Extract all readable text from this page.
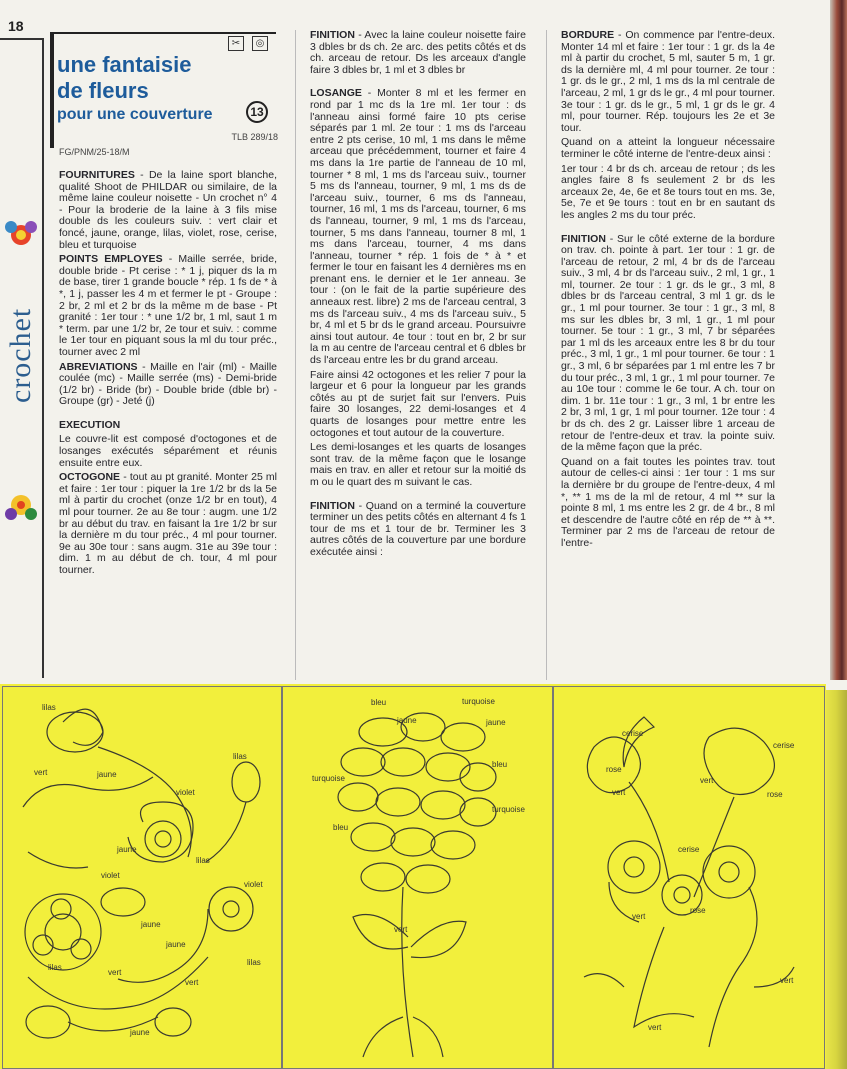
18
crochet
✂	◎
une fantaisie
de fleurs
pour une couverture	13
TLB 289/18
FG/PNM/25-18/M

FOURNITURES - De la laine sport blanche, qualité Shoot de PHILDAR ou similaire, de la même laine couleur noisette - Un crochet n° 4 - Pour la broderie de la laine à 3 fils mise double ds les couleurs suiv. : vert clair et foncé, jaune, orange, lilas, violet, rose, cerise, bleu et turquoise

POINTS EMPLOYES - Maille serrée, bride, double bride - Pt cerise : * 1 j, piquer ds la m de base, tirer 1 grande boucle * rép. 1 fs de * à *, 1 j, passer les 4 m et fermer le pt - Groupe : 2 br, 2 ml et 2 br ds la même m de base - Pt granité : 1er tour : * une 1/2 br, 1 ml, saut 1 m * term. par une 1/2 br, 2e tour et suiv. : comme le 1er tour en piquant sous la ml du tour préc., tourner avec 2 ml

ABREVIATIONS - Maille en l'air (ml) - Maille coulée (mc) - Maille serrée (ms) - Demi-bride (1/2 br) - Bride (br) - Double bride (dble br) - Groupe (gr) - Jeté (j)

EXECUTION

Le couvre-lit est composé d'octogones et de losanges exécutés séparément et réunis ensuite entre eux.

OCTOGONE - tout au pt granité. Monter 25 ml et faire : 1er tour : piquer la 1re 1/2 br ds la 5e ml à partir du crochet (onze 1/2 br en tout), 4 ml pour tourner. 2e au 8e tour : augm. une 1/2 br au début du trav. en faisant la 1re 1/2 br sur la dernière m du tour préc., 4 ml pour tourner. 9e au 30e tour : sans augm. 31e au 39e tour : dim. 1 m au début de ch. tour, 4 ml pour tourner.

FINITION - Avec la laine couleur noisette faire 3 dbles br ds ch. 2e arc. des petits côtés et ds ch. arceau de retour. Ds les arceaux d'angle faire 3 dbles br, 1 ml et 3 dbles br

LOSANGE - Monter 8 ml et les fermer en rond par 1 mc ds la 1re ml. 1er tour : ds l'anneau ainsi formé faire 10 pts cerise séparés par 1 ml. 2e tour : 1 ms ds l'arceau entre 2 pts cerise, 10 ml, 1 ms dans le même arceau que précédemment, tourner et faire 4 ms dans la 1re partie de l'anneau de 10 ml, tourner * 8 ml, 1 ms ds l'arceau suiv., tourner 5 ms ds l'anneau, tourner, 9 ml, 1 ms ds de l'arceau suiv., tourner, 6 ms ds l'anneau, tourner, 16 ml, 1 ms ds l'arceau, tourner, 6 ms ds l'anneau, tourner, 9 ml, 1 ms ds l'arceau, tourner, 5 ms dans l'anneau, tourner 8 ml, 1 ms dans l'arceau, tourner, 4 ms dans l'anneau, tourner * rép. 1 fois de * à * et fermer le tour en faisant les 4 dernières ms en prenant ens. le dernier et le 1er anneau. 3e tour : (on le fait de la partie supérieure des anneaux rest. libre) 2 ms de l'arceau central, 3 ms ds l'arceau suiv., 4 ms ds l'arceau suiv., 5 br, 4 ml et 5 br ds le grand arceau. Poursuivre ainsi tout autour. 4e tour : tout en br, 2 br sur la m au centre de l'arceau central et 6 dbles br ds l'arceau entre les br du grand arceau.

Faire ainsi 42 octogones et les relier 7 pour la largeur et 6 pour la longueur par les grands côtés au pt de surjet fait sur l'envers. Puis faire 30 losanges, 22 demi-losanges et 4 quarts de losanges pour mettre entre les octogones et tout autour de la couverture.

Les demi-losanges et les quarts de losanges sont trav. de la même façon que le losange mais en trav. en aller et retour sur la moitié ds m ou le quart des m suivant le cas.

FINITION - Quand on a terminé la couverture terminer un des petits côtés en alternant 4 fs 1 tour de ms et 1 tour de br. Terminer les 3 autres côtés de la couverture par une bordure exécutée ainsi :

BORDURE - On commence par l'entre-deux. Monter 14 ml et faire : 1er tour : 1 gr. ds la 4e ml à partir du crochet, 5 ml, sauter 5 m, 1 gr. ds la dernière ml, 4 ml pour tourner. 2e tour : 1 gr. ds le gr., 2 ml, 1 ms ds la ml centrale de l'arceau, 2 ml, 1 gr ds le gr., 4 ml pour tourner. 3e tour : 1 gr. ds le gr., 5 ml, 1 gr ds le gr. 4 ml, pour tourner. Rép. toujours les 2e et 3e tour.

Quand on a atteint la longueur nécessaire terminer le côté interne de l'entre-deux ainsi :

1er tour : 4 br ds ch. arceau de retour ; ds les angles faire 8 fs seulement 2 br ds les arceaux 2e, 4e, 6e et 8e tours tout en ms. 3e, 5e, 7e et 9e tours : tout en br en sautant ds les angles 2 ms du tour préc.

FINITION - Sur le côté externe de la bordure on trav. ch. pointe à part. 1er tour : 1 gr. de l'arceau de retour, 2 ml, 4 br ds de l'arceau suiv., 3 ml, 4 br ds l'arceau suiv., 2 ml, 1 gr., 1 ml, tourner. 2e tour : 1 gr. ds le gr., 3 ml, 8 dbles br ds l'arceau central, 3 ml 1 gr. ds le gr., 1 ml pour tourner. 3e tour : 1 gr., 3 ml, 8 ms sur les dbles br, 3 ml, 1 gr., 1 ml pour tourner. 5e tour : 1 gr., 3 ml, 7 br séparées par 1 ml ds les arceaux entre les 8 br du tour préc., 3 ml, 1 gr., 1 ml pour tourner. 6e tour : 1 gr., 3 ml, 6 br séparées par 1 ml entre les 7 br du tour préc., 3 ml, 1 gr., 1 ml pour tourner. 7e au 10e tour : comme le 6e tour. A ch. tour on dim. 1 br. 11e tour : 1 gr., 3 ml, 1 br entre les 2 br, 3 ml, 1 gr, 1 ml pour tourner. 12e tour : 4 br ds ch. des 2 gr. Laisser libre 1 arceau de retour de l'entre-deux et trav. la pointe suiv. de la même façon que la préc.

Quand on a fait toutes les pointes trav. tout autour de celles-ci ainsi : 1er tour : 1 ms sur la dernière br du groupe de l'entre-deux, 4 ml *, ** 1 ms de la ml de retour, 4 ml ** sur la pointe 8 ml, 1 ms entre les 2 gr. de 4 br., 8 ml et descendre de l'autre côté en rép de ** à **. Terminer par 2 ms de l'arceau de retour de l'entre-

lilas
lilas
vert	jaune
violet
jaune
lilas
violet
violet
jaune
jaune
lilas
vert
lilas
vert
jaune
bleu	turquoise
jaune	jaune
bleu
turquoise
turquoise
bleu
vert
cerise
cerise
rose
vert
rose
vert
cerise
rose
vert
vert
vert
